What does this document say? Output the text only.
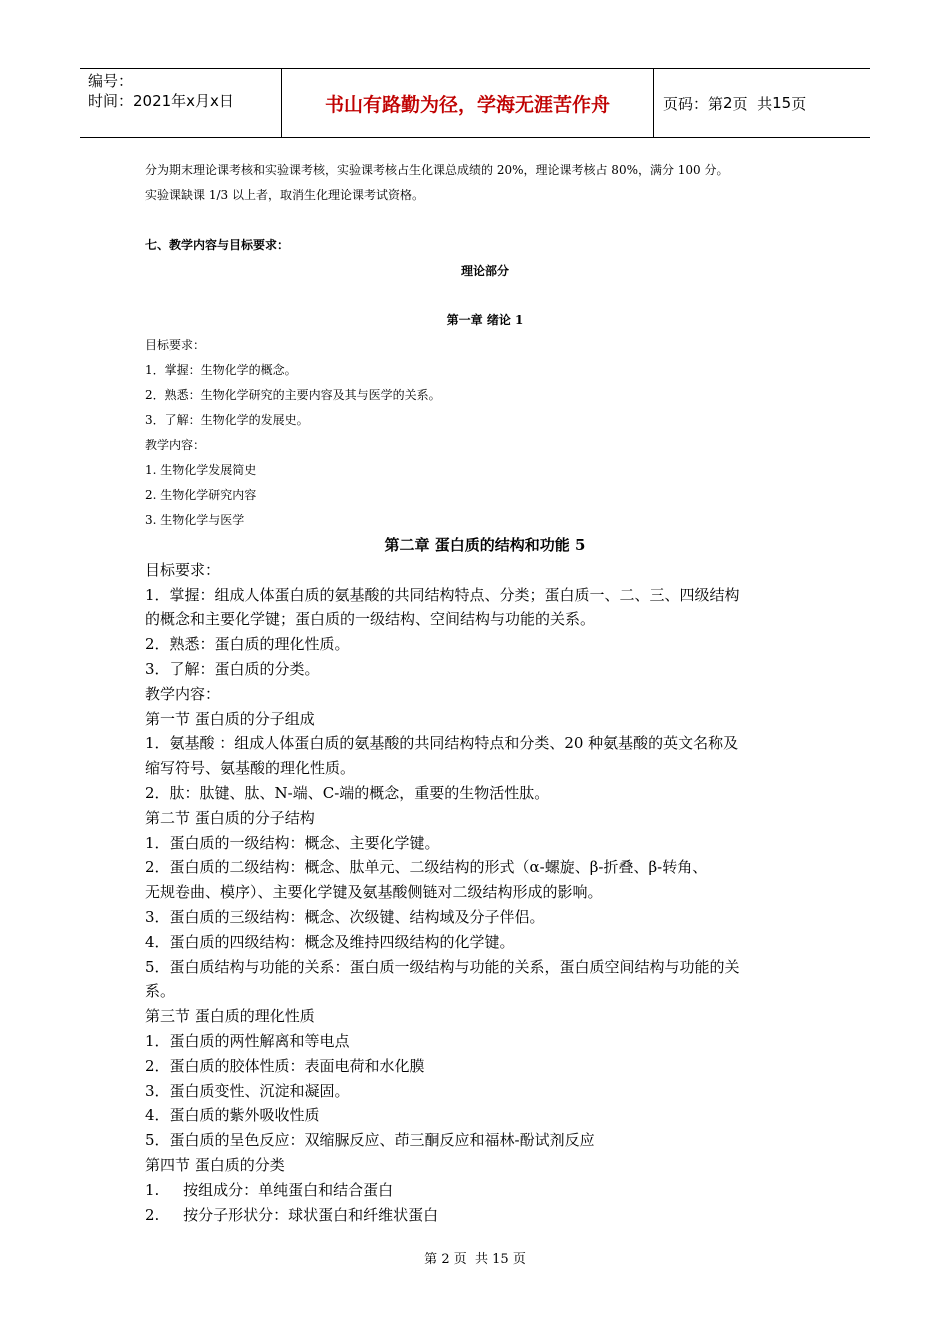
编号：
时间：2021年x月x日	书山有路勤为径，学海无涯苦作舟	页码：第 2 页  共 15 页

分为期末理论课考核和实验课考核，实验课考核占生化课总成绩的 20%，理论课考核占 80%，满分 100 分。

实验课缺课 1/3 以上者，取消生化理论课考试资格。

七、教学内容与目标要求：

理论部分

第一章 绪论 1

目标要求：

1．掌握：生物化学的概念。

2．熟悉：生物化学研究的主要内容及其与医学的关系。

3．了解：生物化学的发展史。

教学内容：

1. 生物化学发展简史

2. 生物化学研究内容

3. 生物化学与医学

第二章 蛋白质的结构和功能 5

目标要求：

1．掌握：组成人体蛋白质的氨基酸的共同结构特点、分类；蛋白质一、二、三、四级结构

的概念和主要化学键；蛋白质的一级结构、空间结构与功能的关系。

2．熟悉：蛋白质的理化性质。

3．了解：蛋白质的分类。

教学内容：

第一节 蛋白质的分子组成

1．氨基酸 ：组成人体蛋白质的氨基酸的共同结构特点和分类、20 种氨基酸的英文名称及

缩写符号、氨基酸的理化性质。

2．肽：肽键、肽、N-端、C-端的概念，重要的生物活性肽。

第二节 蛋白质的分子结构

1．蛋白质的一级结构：概念、主要化学键。

2．蛋白质的二级结构：概念、肽单元、二级结构的形式（α-螺旋、β-折叠、β-转角、

无规卷曲、模序）、主要化学键及氨基酸侧链对二级结构形成的影响。

3．蛋白质的三级结构：概念、次级键、结构域及分子伴侣。

4．蛋白质的四级结构：概念及维持四级结构的化学键。

5．蛋白质结构与功能的关系：蛋白质一级结构与功能的关系，蛋白质空间结构与功能的关

系。

第三节 蛋白质的理化性质

1．蛋白质的两性解离和等电点

2．蛋白质的胶体性质：表面电荷和水化膜

3．蛋白质变性、沉淀和凝固。

4．蛋白质的紫外吸收性质

5．蛋白质的呈色反应：双缩脲反应、茚三酮反应和福林-酚试剂反应

第四节 蛋白质的分类

1.     按组成分：单纯蛋白和结合蛋白

2.     按分子形状分：球状蛋白和纤维状蛋白

第 2 页  共 15 页
